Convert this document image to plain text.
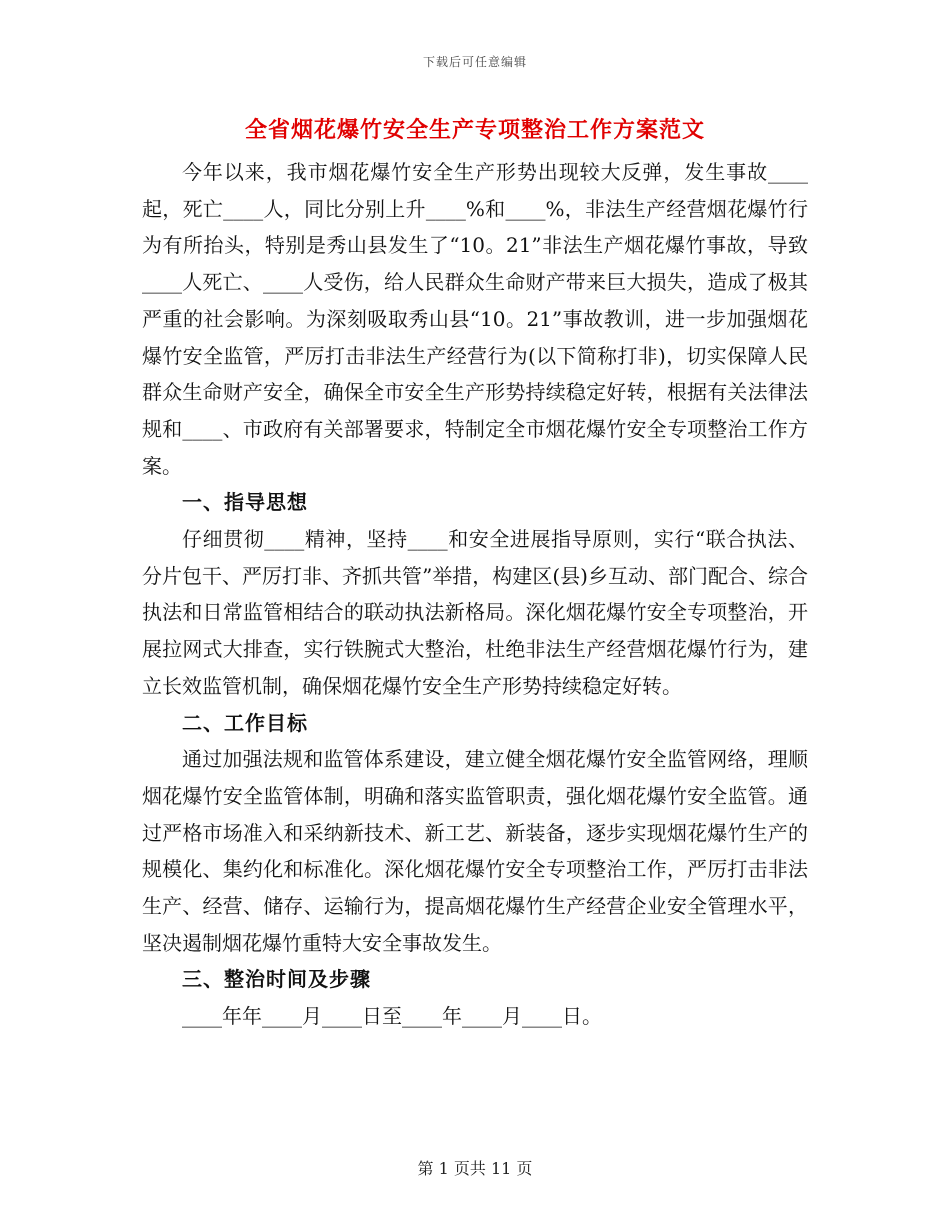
下载后可任意编辑
全省烟花爆竹安全生产专项整治工作方案范文

今年以来，我市烟花爆竹安全生产形势出现较大反弹，发生事故____起，死亡____人，同比分别上升____%和____%，非法生产经营烟花爆竹行为有所抬头，特别是秀山县发生了“10。21”非法生产烟花爆竹事故，导致____人死亡、____人受伤，给人民群众生命财产带来巨大损失，造成了极其严重的社会影响。为深刻吸取秀山县“10。21”事故教训，进一步加强烟花爆竹安全监管，严厉打击非法生产经营行为(以下简称打非)，切实保障人民群众生命财产安全，确保全市安全生产形势持续稳定好转，根据有关法律法规和____、市政府有关部署要求，特制定全市烟花爆竹安全专项整治工作方案。

一、指导思想

仔细贯彻____精神，坚持____和安全进展指导原则，实行“联合执法、分片包干、严厉打非、齐抓共管”举措，构建区(县)乡互动、部门配合、综合执法和日常监管相结合的联动执法新格局。深化烟花爆竹安全专项整治，开展拉网式大排查，实行铁腕式大整治，杜绝非法生产经营烟花爆竹行为，建立长效监管机制，确保烟花爆竹安全生产形势持续稳定好转。

二、工作目标

通过加强法规和监管体系建设，建立健全烟花爆竹安全监管网络，理顺烟花爆竹安全监管体制，明确和落实监管职责，强化烟花爆竹安全监管。通过严格市场准入和采纳新技术、新工艺、新装备，逐步实现烟花爆竹生产的规模化、集约化和标准化。深化烟花爆竹安全专项整治工作，严厉打击非法生产、经营、储存、运输行为，提高烟花爆竹生产经营企业安全管理水平，坚决遏制烟花爆竹重特大安全事故发生。

三、整治时间及步骤

____年年____月____日至____年____月____日。

第 1 页共 11 页
